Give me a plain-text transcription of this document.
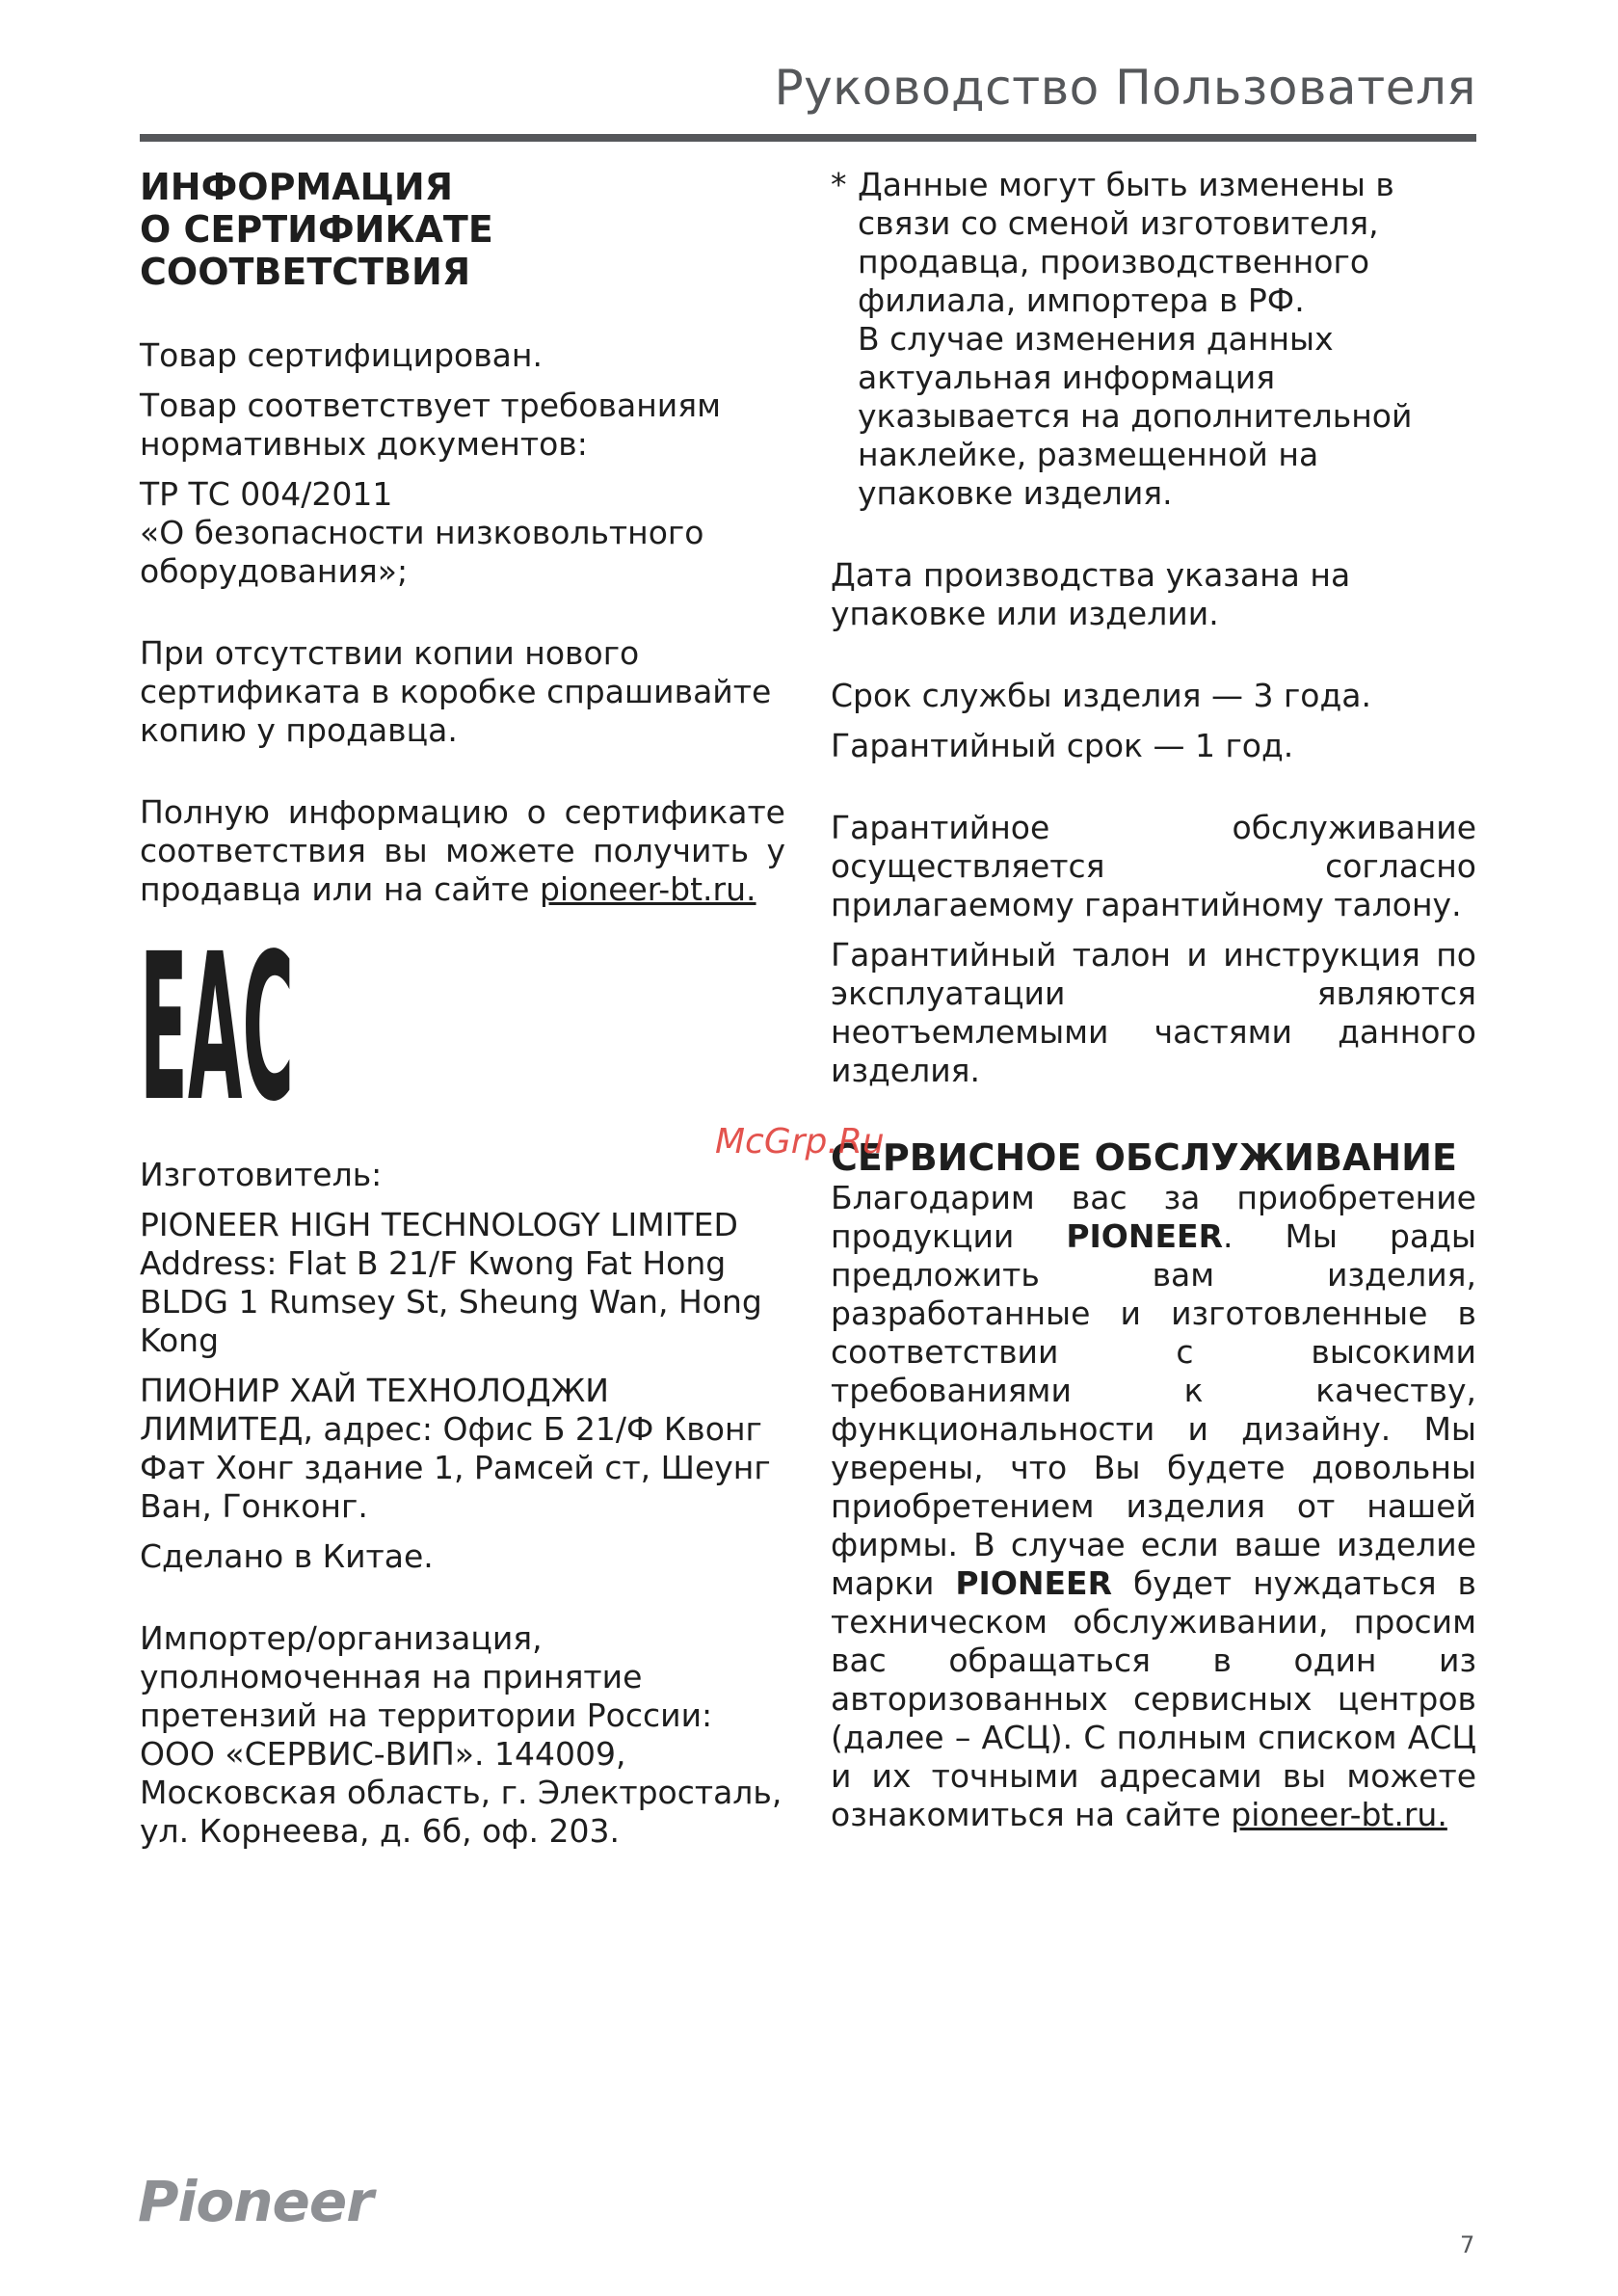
Руководство Пользователя
ИНФОРМАЦИЯ
О СЕРТИФИКАТЕ
СООТВЕТСТВИЯ

Товар сертифицирован.

Товар соответствует требованиям нормативных документов:

ТР ТС 004/2011
«О безопасности низковольтного оборудования»;

При отсутствии копии нового сертификата в коробке спрашивайте копию у продавца.

Полную информацию о сертификате соответствия вы можете получить у продавца или на сайте pioneer-bt.ru.

EAC

Изготовитель:

PIONEER HIGH TECHNOLOGY LIMITED Address: Flat B 21/F Kwong Fat Hong BLDG 1 Rumsey St, Sheung Wan, Hong Kong

ПИОНИР ХАЙ ТЕХНОЛОДЖИ ЛИМИТЕД, адрес: Офис Б 21/Ф Квонг Фат Хонг здание 1, Рамсей ст, Шеунг Ван, Гонконг.

Сделано в Китае.

Импортер/организация, уполномоченная на принятие претензий на территории России: ООО «СЕРВИС-ВИП». 144009, Московская область, г. Электросталь, ул. Корнеева, д. 6б, оф. 203.

* Данные могут быть изменены в связи со сменой изготовителя, продавца, производственного филиала, импортера в РФ.

В случае изменения данных актуальная информация указывается на дополнительной наклейке, размещенной на упаковке изделия.

Дата производства указана на упаковке или изделии.

Срок службы изделия — 3 года.

Гарантийный срок — 1 год.

Гарантийное обслуживание осуществляется согласно прилагаемому гарантийному талону.

Гарантийный талон и инструкция по эксплуатации являются неотъемлемыми частями данного изделия.

СЕРВИСНОЕ ОБСЛУЖИВАНИЕ

Благодарим вас за приобретение продукции PIONEER. Мы рады предложить вам изделия, разработанные и изготовленные в соответствии с высокими требованиями к качеству, функциональности и дизайну. Мы уверены, что Вы будете довольны приобретением изделия от нашей фирмы. В случае если ваше изделие марки PIONEER будет нуждаться в техническом обслуживании, просим вас обращаться в один из авторизованных сервисных центров (далее – АСЦ). С полным списком АСЦ и их точными адресами вы можете ознакомиться на сайте pioneer-bt.ru.

McGrp.Ru
Pioneer
7
